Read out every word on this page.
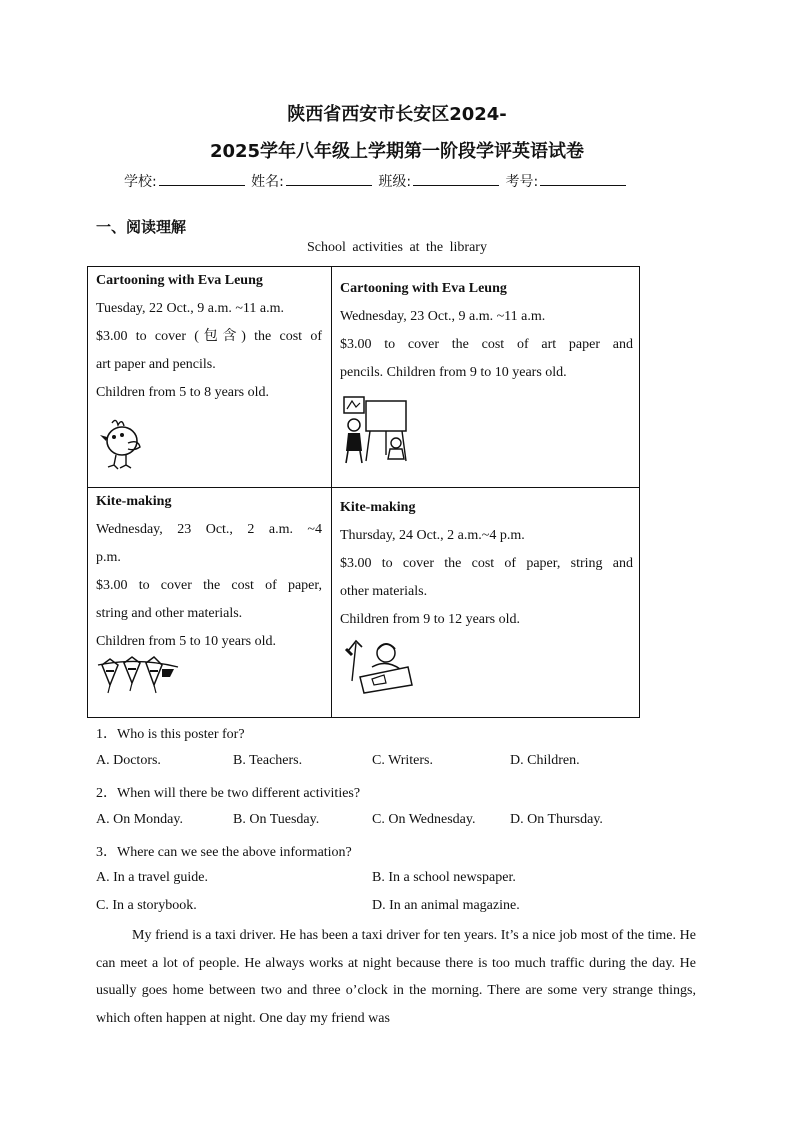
陕西省西安市长安区2024-
2025学年八年级上学期第一阶段学评英语试卷
学校:	姓名:	班级:	考号:
一、阅读理解
School activities at the library

Cartooning with Eva Leung

Tuesday, 22 Oct., 9 a.m. ~11 a.m.

$3.00 to cover (包含) the cost of

art paper and pencils.

Children from 5 to 8 years old.

Cartooning with Eva Leung

Wednesday, 23 Oct., 9 a.m. ~11 a.m.

$3.00 to cover the cost of art paper and

pencils. Children from 9 to 10 years old.

Kite-making

Wednesday, 23 Oct., 2 a.m. ~4

p.m.

$3.00 to cover the cost of paper,

string and other materials.

Children from 5 to 10 years old.

Kite-making

Thursday, 24 Oct., 2 a.m.~4 p.m.

$3.00 to cover the cost of paper, string and

other materials.

Children from 9 to 12 years old.

1．Who is this poster for?
A. Doctors.	B. Teachers.	C. Writers.	D. Children.
2．When will there be two different activities?
A. On Monday.	B. On Tuesday.	C. On Wednesday. D. On Thursday.
3．Where can we see the above information?
A. In a travel guide.	B. In a school newspaper.
C. In a storybook.	D. In an animal magazine.
My friend is a taxi driver. He has been a taxi driver for ten years. It’s a nice job most of the time. He can meet a lot of people. He always works at night because there is too much traffic during the day. He usually goes home between two and three o’clock in the morning. There are some very strange things, which often happen at night. One day my friend was
